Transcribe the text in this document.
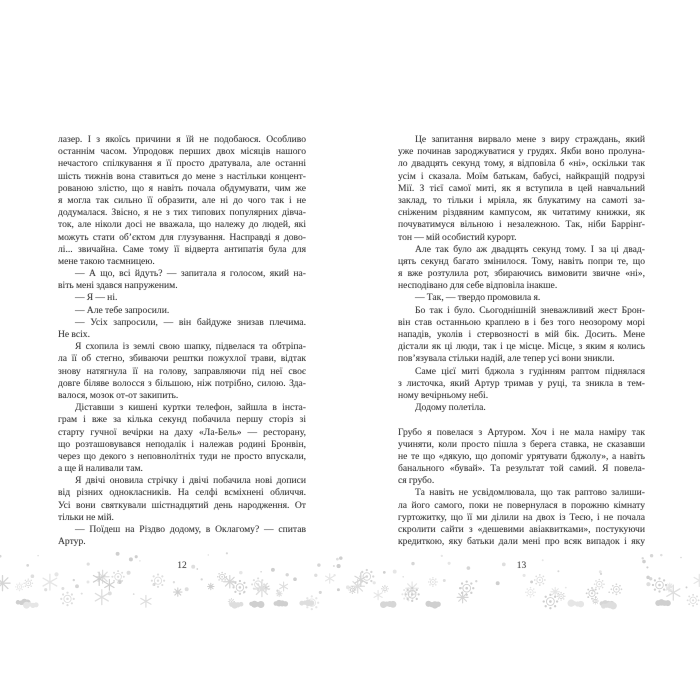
лазер. І з якоїсь причини я їй не подобаюся. Особливо
останнім часом. Упродовж перших двох місяців нашого
нечастого спілкування я її просто дратувала, але останні
шість тижнів вона ставиться до мене з настільки концент-
рованою злістю, що я навіть почала обдумувати, чим же
я могла так сильно її образити, але ні до чого так і не
додумалася. Звісно, я не з тих типових популярних дівча-
ток, але ніколи досі не вважала, що належу до людей, які
можуть стати об’єктом для глузування. Насправді я дово-
лі... звичайна. Саме тому її відверта антипатія була для
мене такою таємницею.
— А що, всі йдуть? — запитала я голосом, який на-
віть мені здався напруженим.
— Я — ні.
— Але тебе запросили.
— Усіх запросили, — він байдуже знизав плечима.
Не всіх.
Я схопила із землі свою шапку, підвелася та обтріпа-
ла її об стегно, збиваючи рештки пожухлої трави, відтак
знову натягнула її на голову, заправляючи під неї своє
довге біляве волосся з більшою, ніж потрібно, силою. Зда-
валося, мозок от-от закипить.
Діставши з кишені куртки телефон, зайшла в інста-
грам і вже за кілька секунд побачила першу сторіз зі
старту гучної вечірки на даху «Ла-Бель» — ресторану,
що розташовувався неподалік і належав родині Бронвін,
через що декого з неповнолітніх туди не просто впускали,
а ще й наливали там.
Я двічі оновила стрічку і двічі побачила нові дописи
від різних однокласників. На селфі всміхнені обличчя.
Усі вони святкували шістнадцятий день народження. От
тільки не мій.
— Поїдеш на Різдво додому, в Оклагому? — спитав
Артур.
Це запитання вирвало мене з виру страждань, який
уже починав зароджуватися у грудях. Якби воно пролуна-
ло двадцять секунд тому, я відповіла б «ні», оскільки так
усім і сказала. Моїм батькам, бабусі, найкращій подрузі
Мії. З тієї самої миті, як я вступила в цей навчальний
заклад, то тільки і мріяла, як блукатиму на самоті за-
сніженим різдвяним кампусом, як читатиму книжки, як
почуватимуся вільною і незалежною. Так, ніби Баррінґ-
тон — мій особистий курорт.
Але так було аж двадцять секунд тому. І за ці двад-
цять секунд багато змінилося. Тому, навіть попри те, що
я вже розтулила рот, збираючись вимовити звичне «ні»,
несподівано для себе відповіла інакше.
— Так, — твердо промовила я.
Бо так і було. Сьогоднішній зневажливий жест Брон-
він став останньою краплею в і без того неозорому морі
нападів, уколів і стервозності в мій бік. Досить. Мене
дістали як ці люди, так і це місце. Місце, з яким я колись
пов’язувала стільки надій, але тепер усі вони зникли.
Саме цієї миті бджола з гудінням раптом піднялася
з листочка, який Артур тримав у руці, та зникла в тем-
ному вечірньому небі.
Додому полетіла.
Грубо я повелася з Артуром. Хоч і не мала наміру так
учиняти, коли просто пішла з берега ставка, не сказавши
не те що «дякую, що допоміг урятувати бджолу», а навіть
банального «бувай». Та результат той самий. Я повела-
ся грубо.
Та навіть не усвідомлювала, що так раптово залиши-
ла його самого, поки не повернулася в порожню кімнату
гуртожитку, що її ми ділили на двох із Теєю, і не почала
скролити сайти з «дешевими авіаквитками», постукуючи
кредиткою, яку батьки дали мені про всяк випадок і яку
12	13
